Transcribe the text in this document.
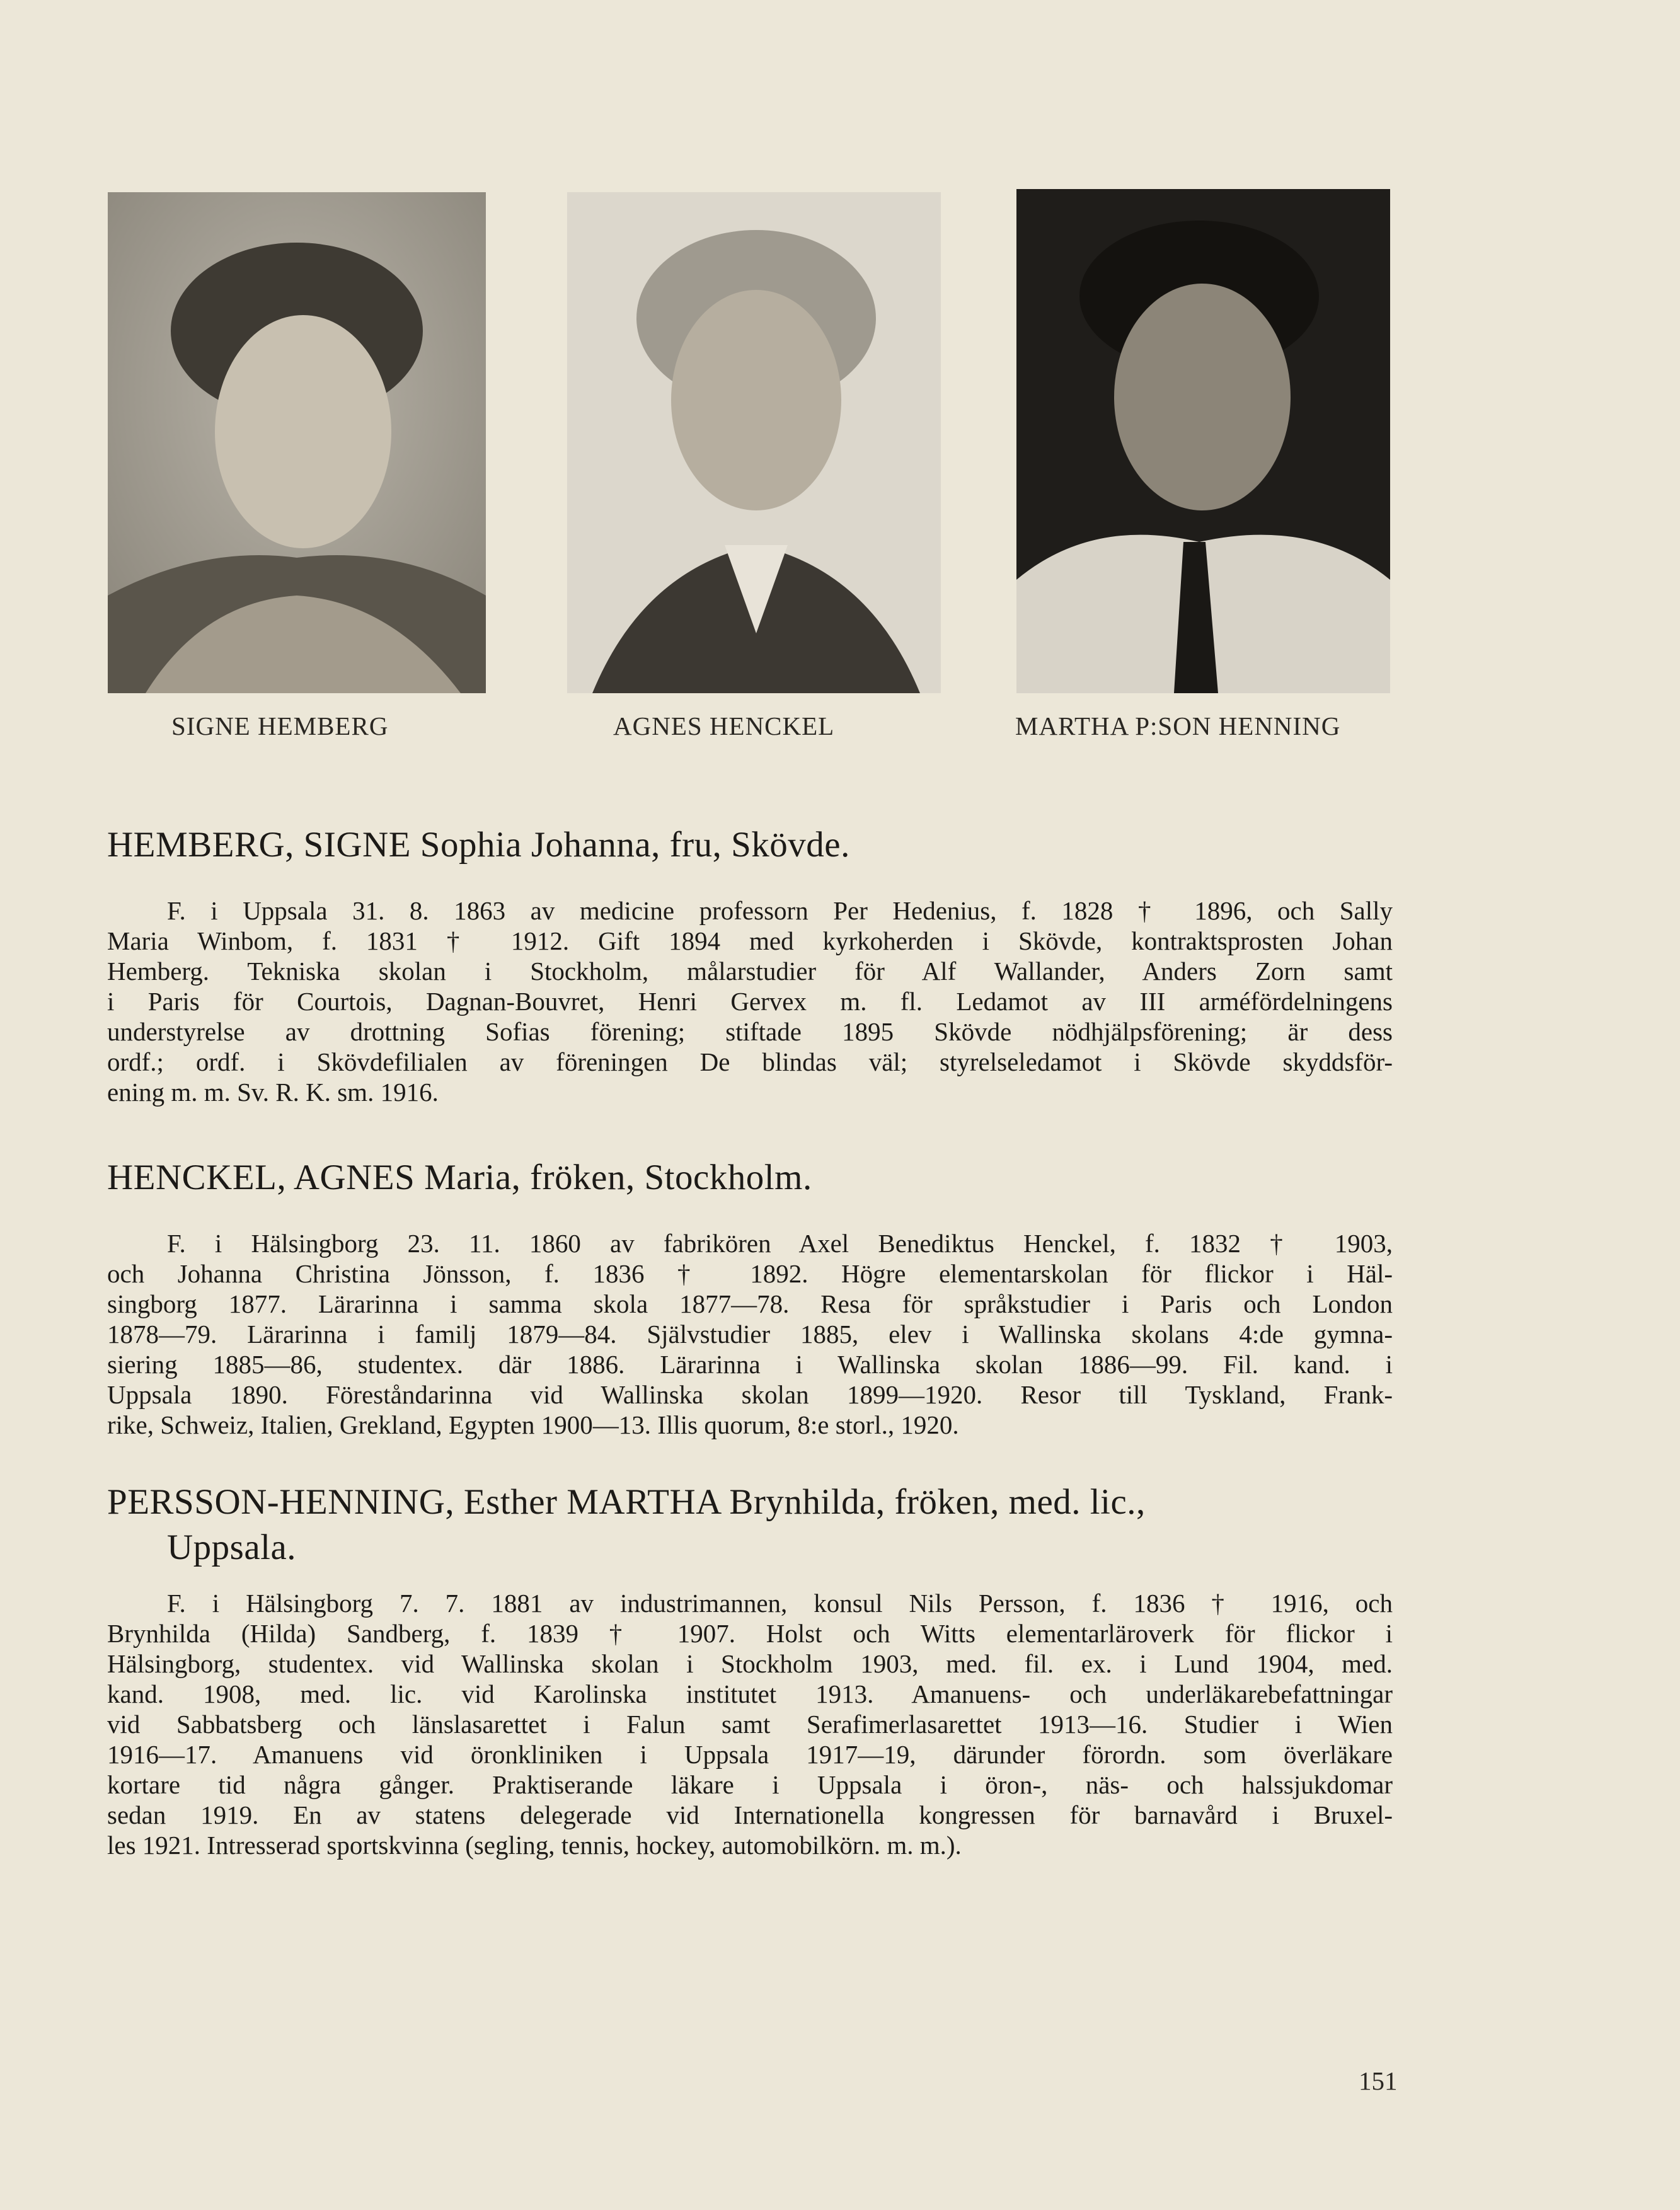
SIGNE HEMBERG	AGNES HENCKEL	MARTHA P:SON HENNING
HEMBERG, SIGNE Sophia Johanna, fru, Skövde.

F. i Uppsala 31. 8. 1863 av medicine professorn Per Hedenius, f. 1828 † 1896, och Sally
Maria Winbom, f. 1831 † 1912. Gift 1894 med kyrkoherden i Skövde, kontraktsprosten Johan
Hemberg. Tekniska skolan i Stockholm, målarstudier för Alf Wallander, Anders Zorn samt
i Paris för Courtois, Dagnan-Bouvret, Henri Gervex m. fl. Ledamot av III arméfördelningens
understyrelse av drottning Sofias förening; stiftade 1895 Skövde nödhjälpsförening; är dess
ordf.; ordf. i Skövdefilialen av föreningen De blindas väl; styrelseledamot i Skövde skyddsför-
ening m. m. Sv. R. K. sm. 1916.

HENCKEL, AGNES Maria, fröken, Stockholm.

F. i Hälsingborg 23. 11. 1860 av fabrikören Axel Benediktus Henckel, f. 1832 † 1903,
och Johanna Christina Jönsson, f. 1836 † 1892. Högre elementarskolan för flickor i Häl-
singborg 1877. Lärarinna i samma skola 1877—78. Resa för språkstudier i Paris och London
1878—79. Lärarinna i familj 1879—84. Självstudier 1885, elev i Wallinska skolans 4:de gymna-
siering 1885—86, studentex. där 1886. Lärarinna i Wallinska skolan 1886—99. Fil. kand. i
Uppsala 1890. Föreståndarinna vid Wallinska skolan 1899—1920. Resor till Tyskland, Frank-
rike, Schweiz, Italien, Grekland, Egypten 1900—13. Illis quorum, 8:e storl., 1920.

PERSSON-HENNING, Esther MARTHA Brynhilda, fröken, med. lic.,
Uppsala.

F. i Hälsingborg 7. 7. 1881 av industrimannen, konsul Nils Persson, f. 1836 † 1916, och
Brynhilda (Hilda) Sandberg, f. 1839 † 1907. Holst och Witts elementarläroverk för flickor i
Hälsingborg, studentex. vid Wallinska skolan i Stockholm 1903, med. fil. ex. i Lund 1904, med.
kand. 1908, med. lic. vid Karolinska institutet 1913. Amanuens- och underläkarebefattningar
vid Sabbatsberg och länslasarettet i Falun samt Serafimerlasarettet 1913—16. Studier i Wien
1916—17. Amanuens vid öronkliniken i Uppsala 1917—19, därunder förordn. som överläkare
kortare tid några gånger. Praktiserande läkare i Uppsala i öron-, näs- och halssjukdomar
sedan 1919. En av statens delegerade vid Internationella kongressen för barnavård i Bruxel-
les 1921. Intresserad sportskvinna (segling, tennis, hockey, automobilkörn. m. m.).

151
